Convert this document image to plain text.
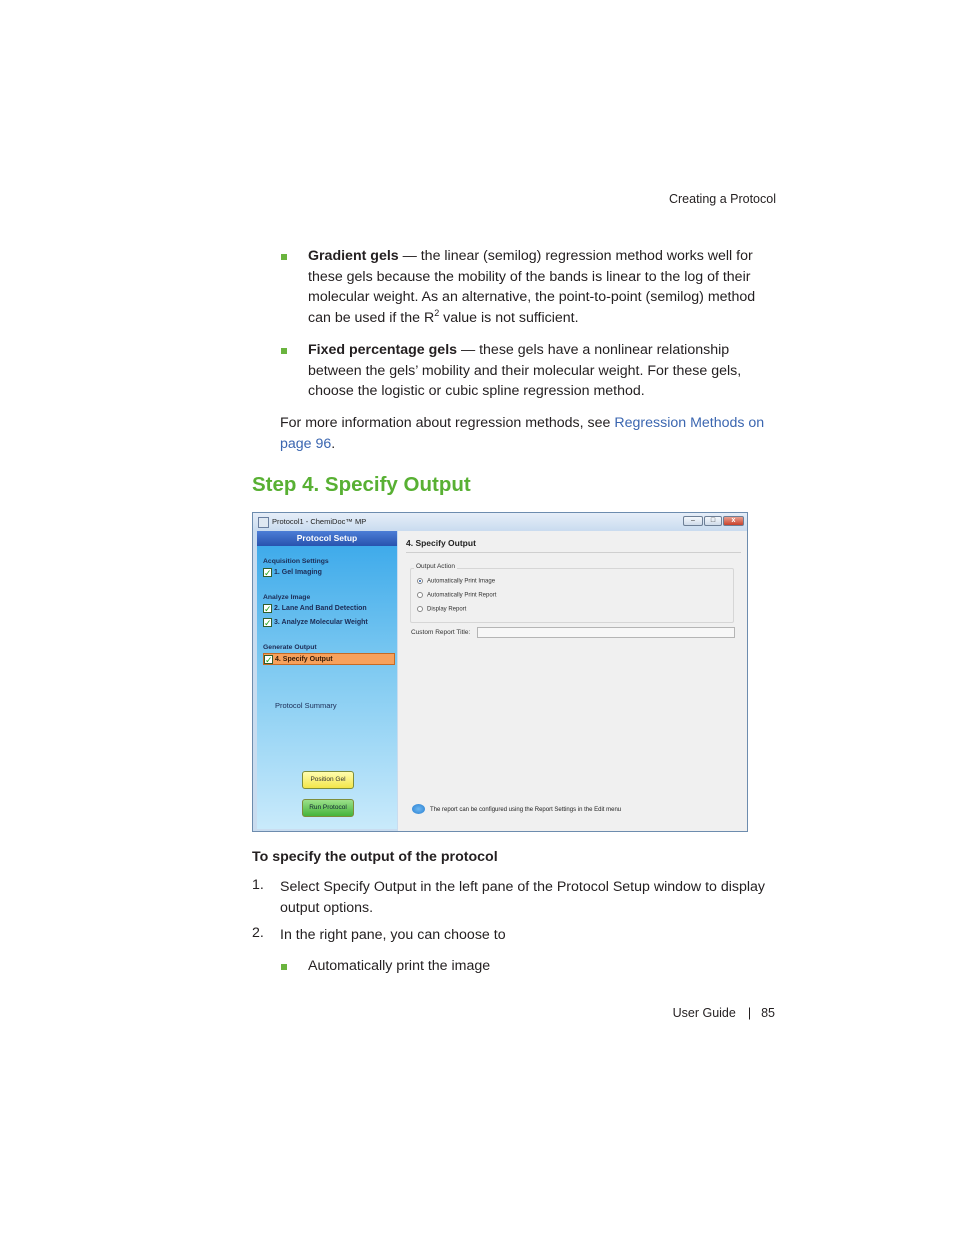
Creating a Protocol
Gradient gels — the linear (semilog) regression method works well for these gels because the mobility of the bands is linear to the log of their molecular weight. As an alternative, the point-to-point (semilog) method can be used if the $R^2$ value is not sufficient.
Fixed percentage gels — these gels have a nonlinear relationship between the gels’ mobility and their molecular weight. For these gels, choose the logistic or cubic spline regression method.
For more information about regression methods, see Regression Methods on page 96.
Step 4. Specify Output
Protocol1 - ChemiDoc™ MP	–	□	x
Protocol Setup
Acquisition Settings
✓ 1. Gel Imaging
Analyze Image
✓ 2. Lane And Band Detection
✓ 3. Analyze Molecular Weight
Generate Output
✓ 4. Specify Output
Protocol Summary
Position Gel
Run Protocol
4. Specify Output
Output Action
Automatically Print Image
Automatically Print Report
Display Report
Custom Report Title:
The report can be configured using the Report Settings in the Edit menu
To specify the output of the protocol
1.	Select Specify Output in the left pane of the Protocol Setup window to display output options.
2.	In the right pane, you can choose to
Automatically print the image
User Guide | 85
